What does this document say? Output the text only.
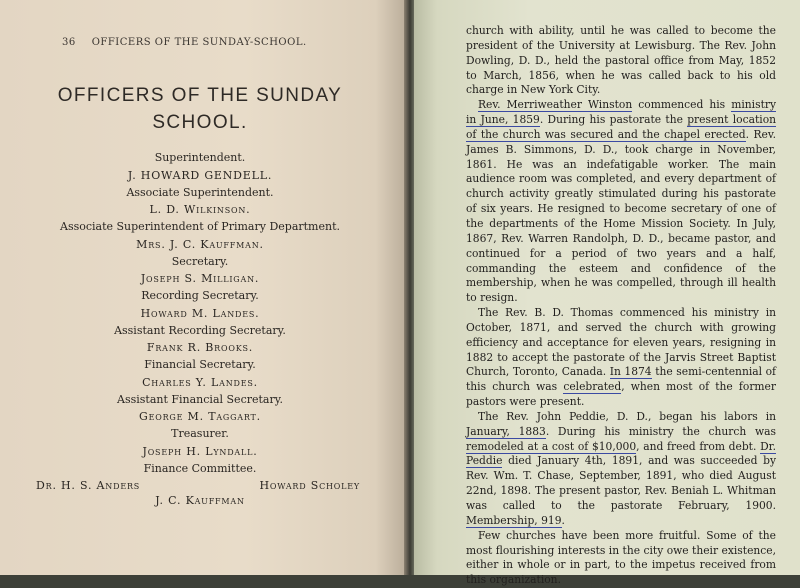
36 OFFICERS OF THE SUNDAY-SCHOOL.
OFFICERS OF THE SUNDAY
SCHOOL.
Superintendent.
J. HOWARD GENDELL.
Associate Superintendent.
L. D. Wilkinson.
Associate Superintendent of Primary Department.
Mrs. J. C. Kauffman.
Secretary.
Joseph S. Milligan.
Recording Secretary.
Howard M. Landes.
Assistant Recording Secretary.
Frank R. Brooks.
Financial Secretary.
Charles Y. Landes.
Assistant Financial Secretary.
George M. Taggart.
Treasurer.
Joseph H. Lyndall.
Finance Committee.
Dr. H. S. Anders	Howard Scholey
J. C. Kauffman

church with ability, until he was called to become the president of the University at Lewisburg. The Rev. John Dowling, D. D., held the pastoral office from May, 1852 to March, 1856, when he was called back to his old charge in New York City.

Rev. Merriweather Winston commenced his ministry in June, 1859. During his pastorate the present location of the church was secured and the chapel erected. Rev. James B. Simmons, D. D., took charge in November, 1861. He was an indefatigable worker. The main audience room was completed, and every department of church activity greatly stimulated during his pastorate of six years. He resigned to become secretary of one of the departments of the Home Mission Society. In July, 1867, Rev. Warren Randolph, D. D., became pastor, and continued for a period of two years and a half, commanding the esteem and confidence of the membership, when he was compelled, through ill health to resign.

The Rev. B. D. Thomas commenced his ministry in October, 1871, and served the church with growing efficiency and acceptance for eleven years, resigning in 1882 to accept the pastorate of the Jarvis Street Baptist Church, Toronto, Canada. In 1874 the semi-centennial of this church was celebrated, when most of the former pastors were present.

The Rev. John Peddie, D. D., began his labors in January, 1883. During his ministry the church was remodeled at a cost of $10,000, and freed from debt. Dr. Peddie died January 4th, 1891, and was succeeded by Rev. Wm. T. Chase, September, 1891, who died August 22nd, 1898. The present pastor, Rev. Beniah L. Whitman was called to the pastorate February, 1900. Membership, 919.

Few churches have been more fruitful. Some of the most flourishing interests in the city owe their existence, either in whole or in part, to the impetus received from this organization.
